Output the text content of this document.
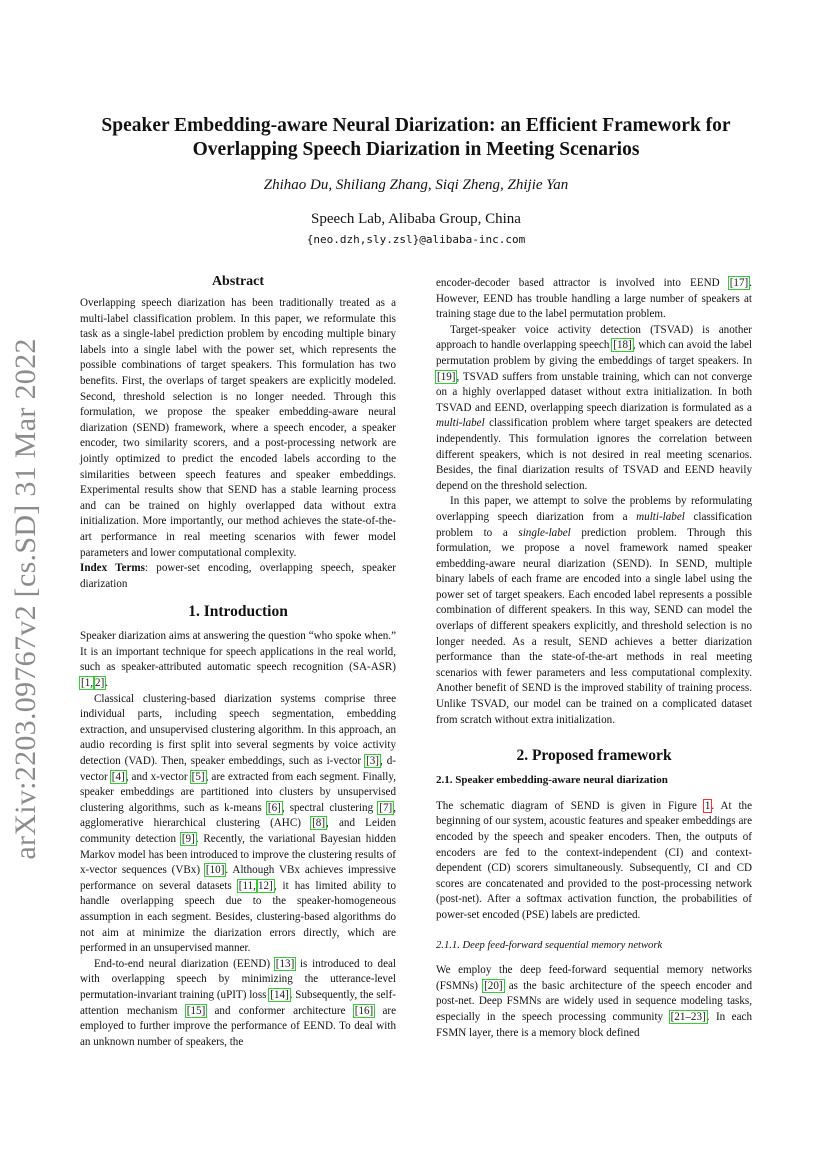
arXiv:2203.09767v2 [cs.SD] 31 Mar 2022
Speaker Embedding-aware Neural Diarization: an Efficient Framework for Overlapping Speech Diarization in Meeting Scenarios
Zhihao Du, Shiliang Zhang, Siqi Zheng, Zhijie Yan
Speech Lab, Alibaba Group, China
{neo.dzh,sly.zsl}@alibaba-inc.com
Abstract

Overlapping speech diarization has been traditionally treated as a multi-label classification problem. In this paper, we reformulate this task as a single-label prediction problem by encoding multiple binary labels into a single label with the power set, which represents the possible combinations of target speakers. This formulation has two benefits. First, the overlaps of target speakers are explicitly modeled. Second, threshold selection is no longer needed. Through this formulation, we propose the speaker embedding-aware neural diarization (SEND) framework, where a speech encoder, a speaker encoder, two similarity scorers, and a post-processing network are jointly optimized to predict the encoded labels according to the similarities between speech features and speaker embeddings. Experimental results show that SEND has a stable learning process and can be trained on highly overlapped data without extra initialization. More importantly, our method achieves the state-of-the-art performance in real meeting scenarios with fewer model parameters and lower computational complexity.

Index Terms: power-set encoding, overlapping speech, speaker diarization

1. Introduction

Speaker diarization aims at answering the question “who spoke when.” It is an important technique for speech applications in the real world, such as speaker-attributed automatic speech recognition (SA-ASR) [1, 2].

Classical clustering-based diarization systems comprise three individual parts, including speech segmentation, embedding extraction, and unsupervised clustering algorithm. In this approach, an audio recording is first split into several segments by voice activity detection (VAD). Then, speaker embeddings, such as i-vector [3], d-vector [4], and x-vector [5], are extracted from each segment. Finally, speaker embeddings are partitioned into clusters by unsupervised clustering algorithms, such as k-means [6], spectral clustering [7], agglomerative hierarchical clustering (AHC) [8], and Leiden community detection [9]. Recently, the variational Bayesian hidden Markov model has been introduced to improve the clustering results of x-vector sequences (VBx) [10]. Although VBx achieves impressive performance on several datasets [11, 12], it has limited ability to handle overlapping speech due to the speaker-homogeneous assumption in each segment. Besides, clustering-based algorithms do not aim at minimize the diarization errors directly, which are performed in an unsupervised manner.

End-to-end neural diarization (EEND) [13] is introduced to deal with overlapping speech by minimizing the utterance-level permutation-invariant training (uPIT) loss [14]. Subsequently, the self-attention mechanism [15] and conformer architecture [16] are employed to further improve the performance of EEND. To deal with an unknown number of speakers, the

encoder-decoder based attractor is involved into EEND [17]. However, EEND has trouble handling a large number of speakers at training stage due to the label permutation problem.

Target-speaker voice activity detection (TSVAD) is another approach to handle overlapping speech [18], which can avoid the label permutation problem by giving the embeddings of target speakers. In [19], TSVAD suffers from unstable training, which can not converge on a highly overlapped dataset without extra initialization. In both TSVAD and EEND, overlapping speech diarization is formulated as a multi-label classification problem where target speakers are detected independently. This formulation ignores the correlation between different speakers, which is not desired in real meeting scenarios. Besides, the final diarization results of TSVAD and EEND heavily depend on the threshold selection.

In this paper, we attempt to solve the problems by reformulating overlapping speech diarization from a multi-label classification problem to a single-label prediction problem. Through this formulation, we propose a novel framework named speaker embedding-aware neural diarization (SEND). In SEND, multiple binary labels of each frame are encoded into a single label using the power set of target speakers. Each encoded label represents a possible combination of different speakers. In this way, SEND can model the overlaps of different speakers explicitly, and threshold selection is no longer needed. As a result, SEND achieves a better diarization performance than the state-of-the-art methods in real meeting scenarios with fewer parameters and less computational complexity. Another benefit of SEND is the improved stability of training process. Unlike TSVAD, our model can be trained on a complicated dataset from scratch without extra initialization.

2. Proposed framework
2.1. Speaker embedding-aware neural diarization

The schematic diagram of SEND is given in Figure 1. At the beginning of our system, acoustic features and speaker embeddings are encoded by the speech and speaker encoders. Then, the outputs of encoders are fed to the context-independent (CI) and context-dependent (CD) scorers simultaneously. Subsequently, CI and CD scores are concatenated and provided to the post-processing network (post-net). After a softmax activation function, the probabilities of power-set encoded (PSE) labels are predicted.

2.1.1. Deep feed-forward sequential memory network

We employ the deep feed-forward sequential memory networks (FSMNs) [20] as the basic architecture of the speech encoder and post-net. Deep FSMNs are widely used in sequence modeling tasks, especially in the speech processing community [21–23]. In each FSMN layer, there is a memory block defined
